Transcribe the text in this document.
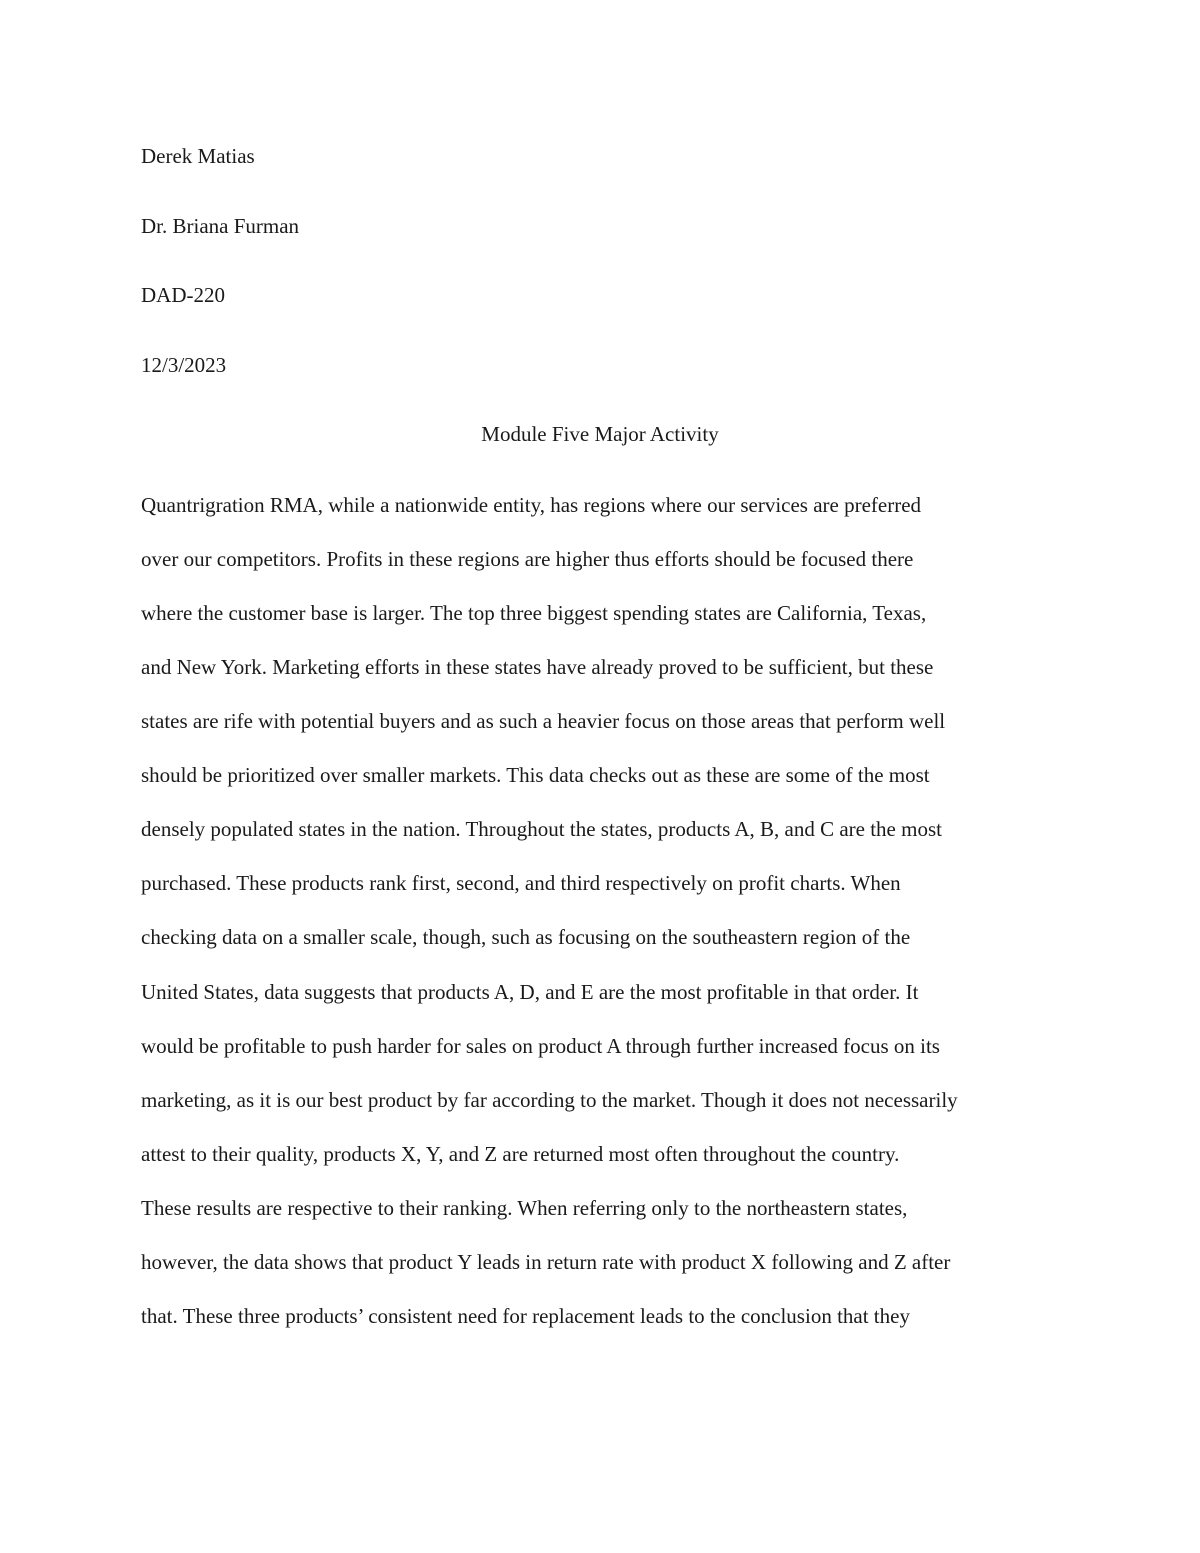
Derek Matias
Dr. Briana Furman
DAD-220
12/3/2023
Module Five Major Activity
Quantrigration RMA, while a nationwide entity, has regions where our services are preferred
over our competitors. Profits in these regions are higher thus efforts should be focused there
where the customer base is larger. The top three biggest spending states are California, Texas,
and New York. Marketing efforts in these states have already proved to be sufficient, but these
states are rife with potential buyers and as such a heavier focus on those areas that perform well
should be prioritized over smaller markets. This data checks out as these are some of the most
densely populated states in the nation. Throughout the states, products A, B, and C are the most
purchased. These products rank first, second, and third respectively on profit charts. When
checking data on a smaller scale, though, such as focusing on the southeastern region of the
United States, data suggests that products A, D, and E are the most profitable in that order. It
would be profitable to push harder for sales on product A through further increased focus on its
marketing, as it is our best product by far according to the market. Though it does not necessarily
attest to their quality, products X, Y, and Z are returned most often throughout the country.
These results are respective to their ranking. When referring only to the northeastern states,
however, the data shows that product Y leads in return rate with product X following and Z after
that. These three products’ consistent need for replacement leads to the conclusion that they
